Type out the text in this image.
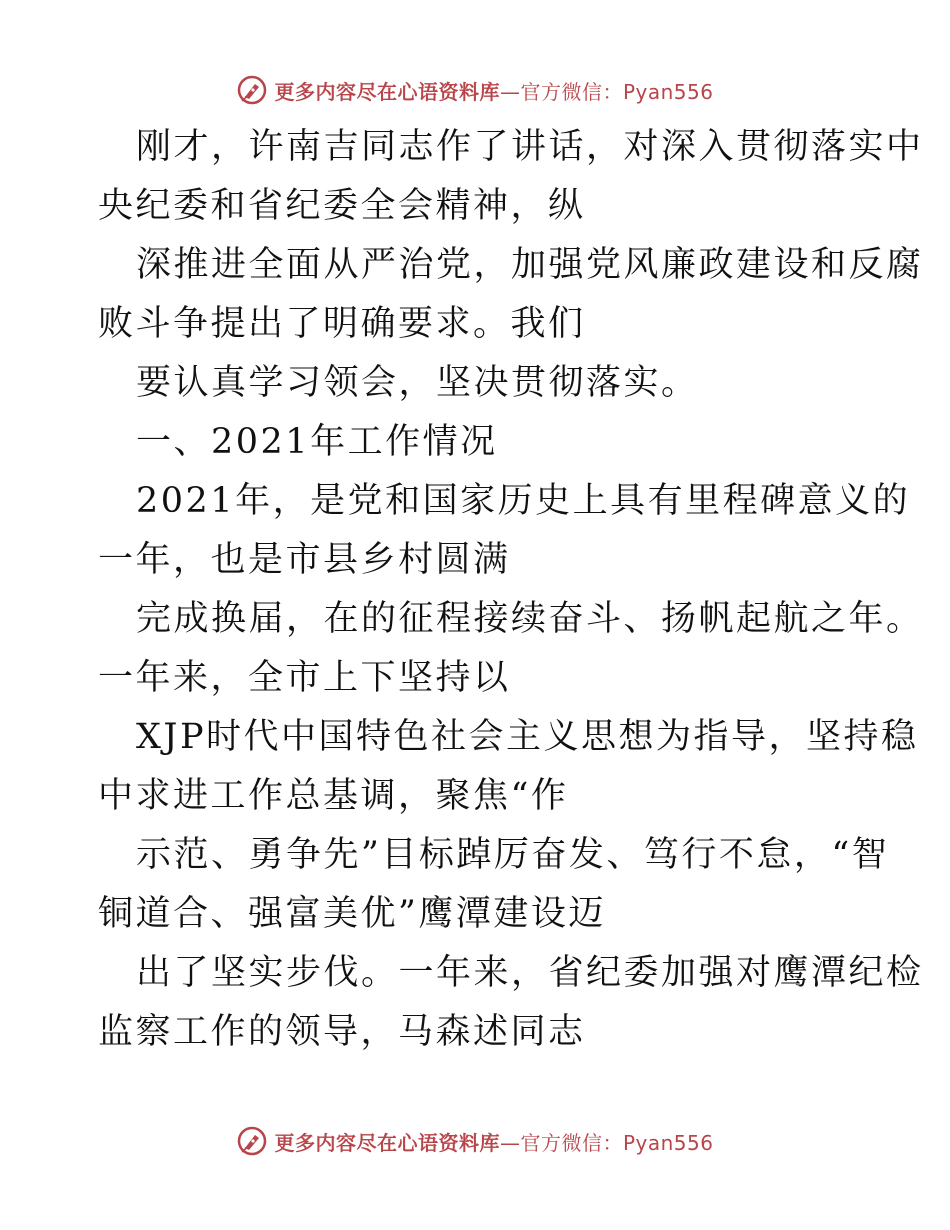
更多内容尽在心语资料库—官方微信：Pyan556

刚才，许南吉同志作了讲话，对深入贯彻落实中
央纪委和省纪委全会精神，纵

深推进全面从严治党，加强党风廉政建设和反腐
败斗争提出了明确要求。我们

要认真学习领会，坚决贯彻落实。

一、2021年工作情况

2021年，是党和国家历史上具有里程碑意义的
一年，也是市县乡村圆满

完成换届，在的征程接续奋斗、扬帆起航之年。
一年来，全市上下坚持以

XJP时代中国特色社会主义思想为指导，坚持稳
中求进工作总基调，聚焦“作

示范、勇争先”目标踔厉奋发、笃行不怠，“智
铜道合、强富美优”鹰潭建设迈

出了坚实步伐。一年来，省纪委加强对鹰潭纪检
监察工作的领导，马森述同志

更多内容尽在心语资料库—官方微信：Pyan556
